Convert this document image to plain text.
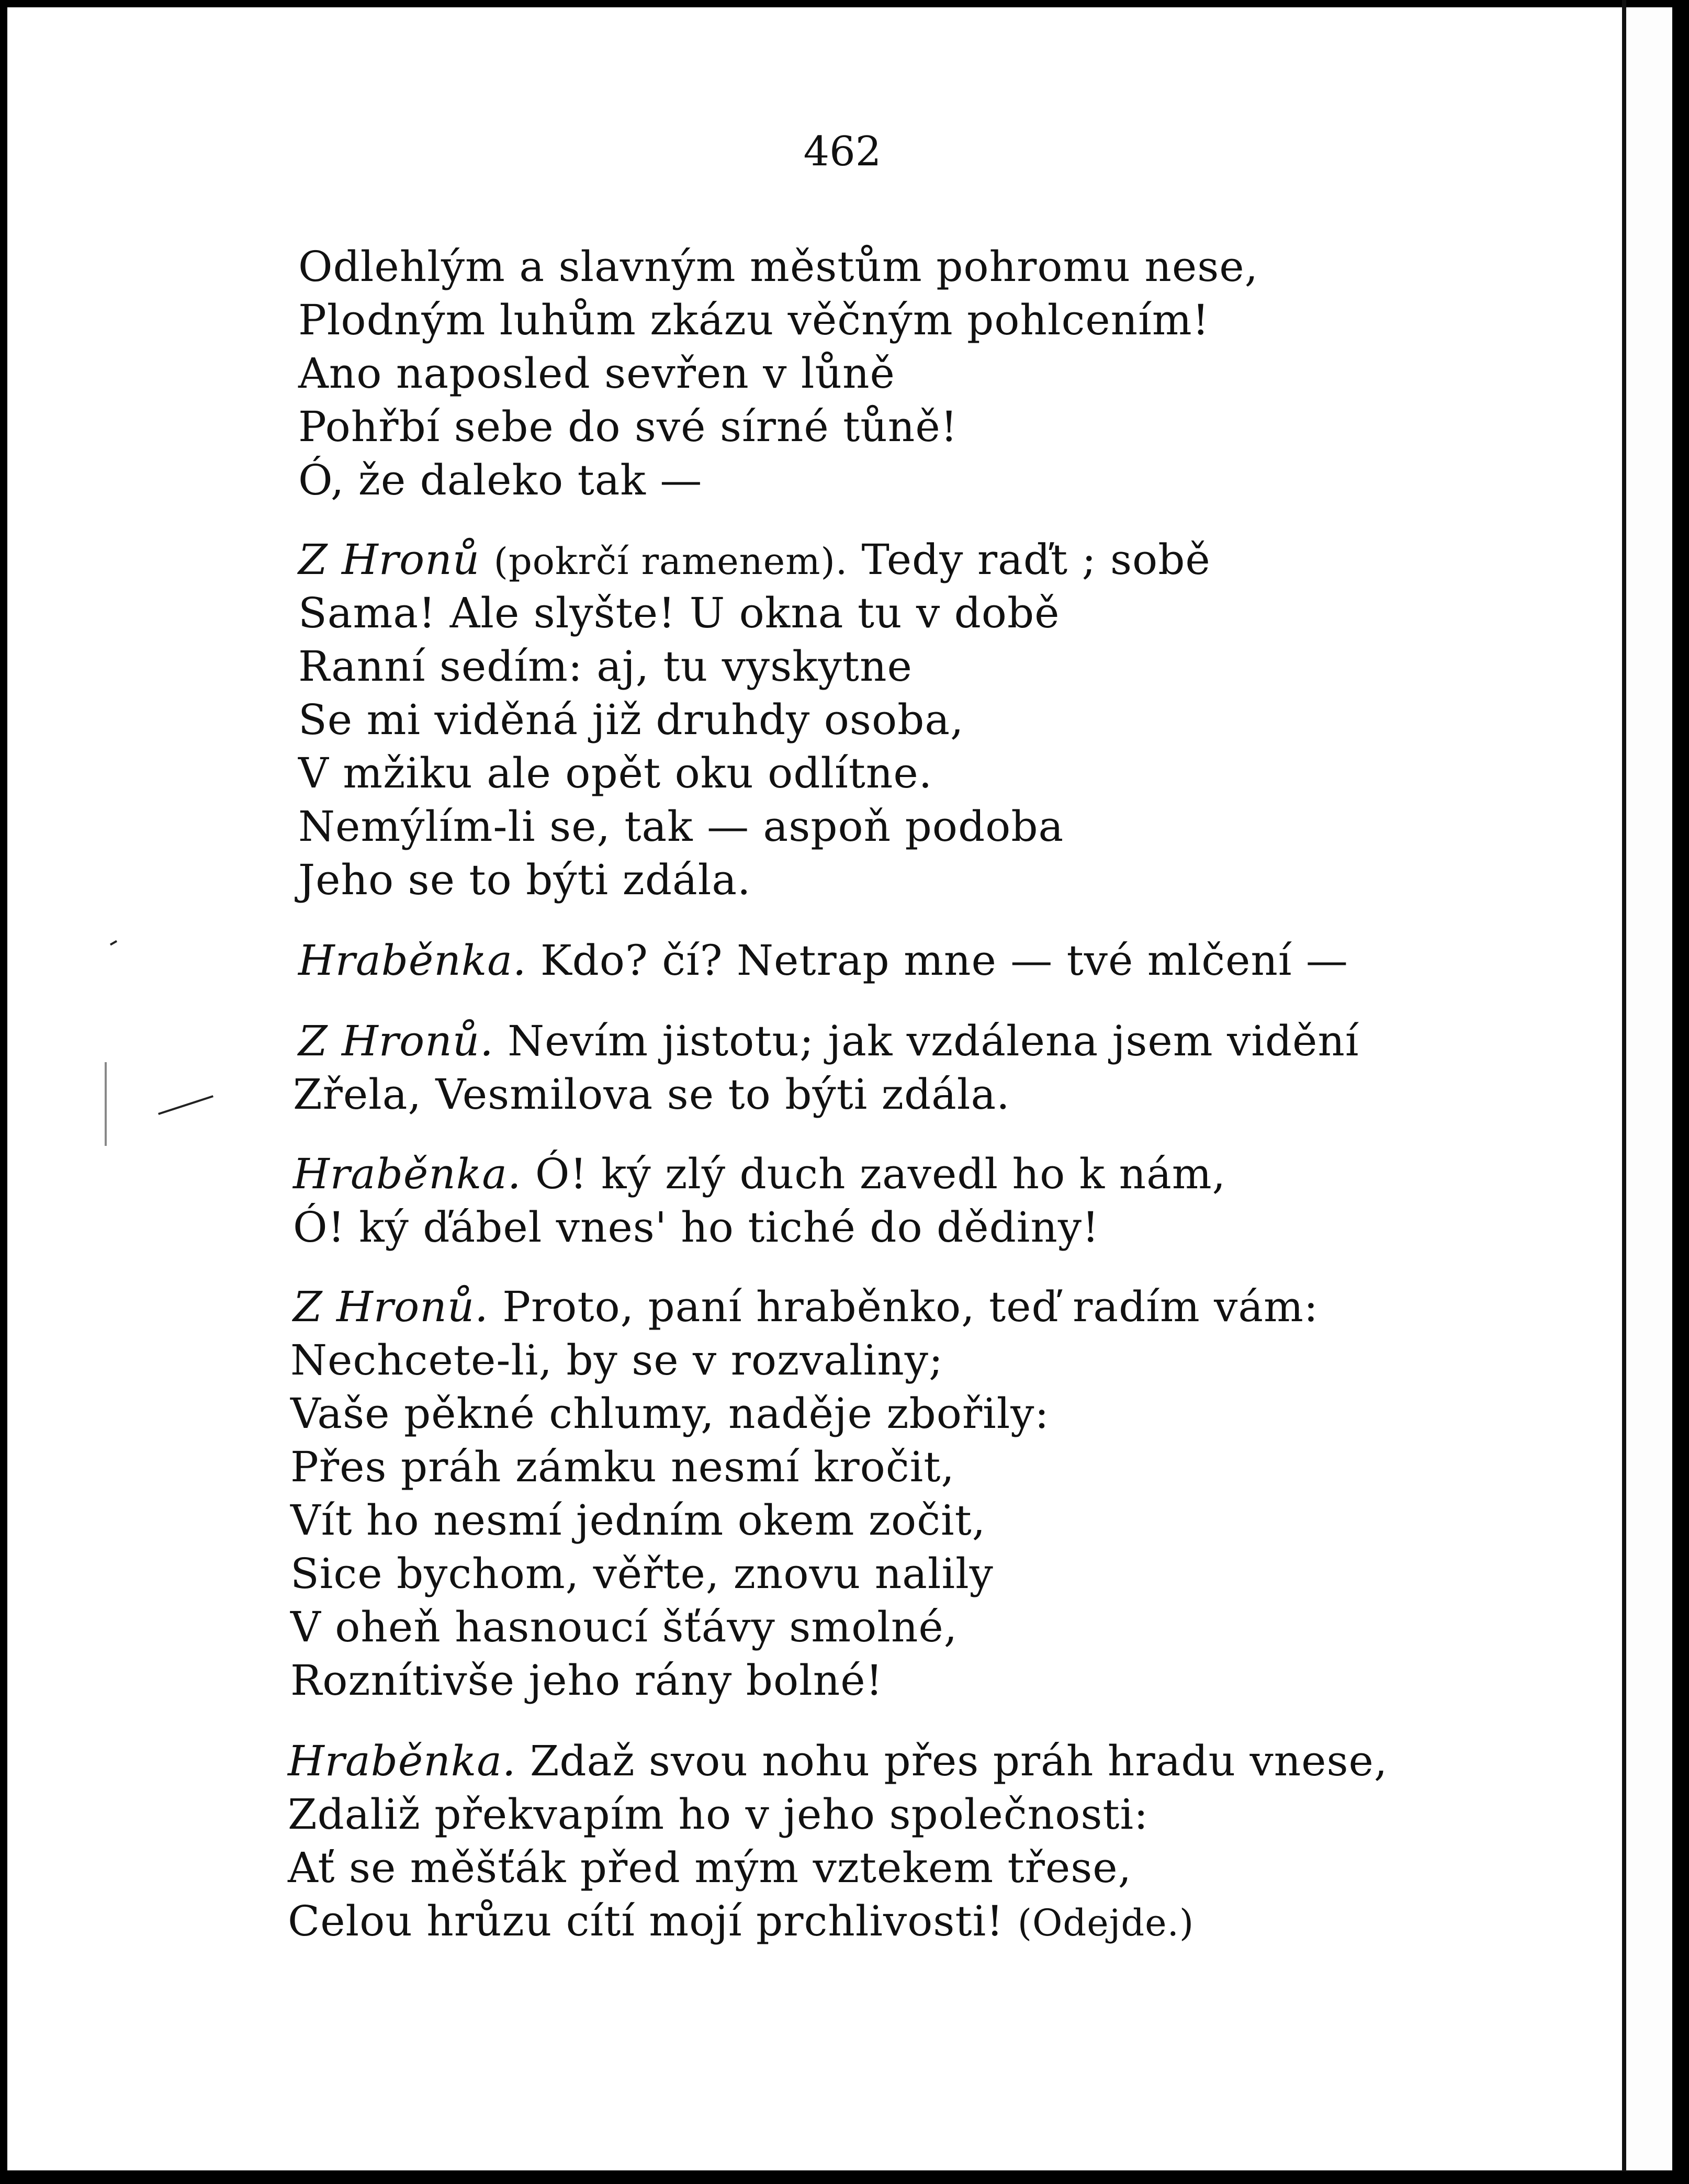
462
Odlehlým a slavným městům pohromu nese,
Plodným luhům zkázu věčným pohlcením!
Ano naposled sevřen v lůně
Pohřbí sebe do své sírné tůně!
Ó, že daleko tak —
Z Hronů (pokrčí ramenem). Tedy raďt ; sobě
Sama! Ale slyšte! U okna tu v době
Ranní sedím: aj, tu vyskytne
Se mi viděná již druhdy osoba,
V mžiku ale opět oku odlítne.
Nemýlím-li se, tak — aspoň podoba
Jeho se to býti zdála.
Hraběnka. Kdo? čí? Netrap mne — tvé mlčení —
Z Hronů. Nevím jistotu; jak vzdálena jsem vidění
Zřela, Vesmilova se to býti zdála.
Hraběnka. Ó! ký zlý duch zavedl ho k nám,
Ó! ký ďábel vnes' ho tiché do dědiny!
Z Hronů. Proto, paní hraběnko, teď radím vám:
Nechcete-li, by se v rozvaliny;
Vaše pěkné chlumy, naděje zbořily:
Přes práh zámku nesmí kročit,
Vít ho nesmí jedním okem zočit,
Sice bychom, věřte, znovu nalily
V oheň hasnoucí šťávy smolné,
Roznítivše jeho rány bolné!
Hraběnka. Zdaž svou nohu přes práh hradu vnese,
Zdaliž překvapím ho v jeho společnosti:
Ať se měšťák před mým vztekem třese,
Celou hrůzu cítí mojí prchlivosti! (Odejde.)
